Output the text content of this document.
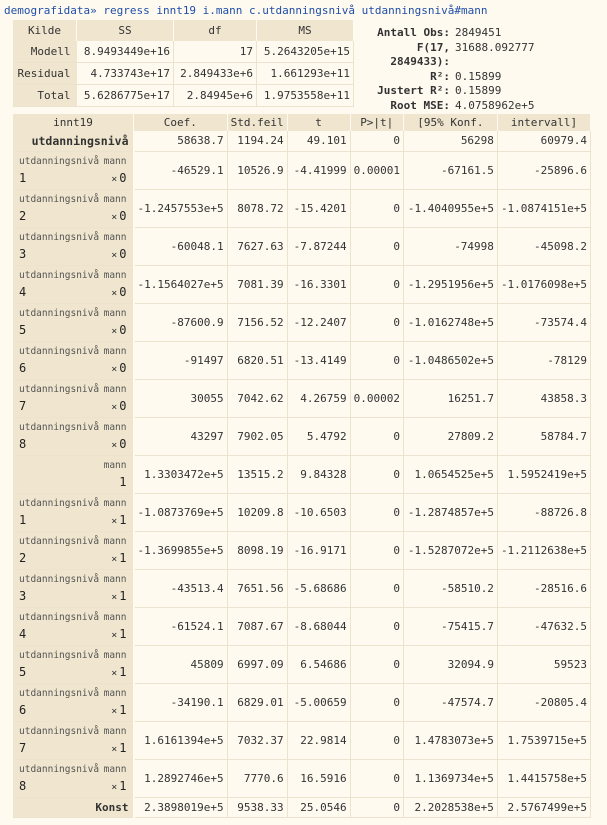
demografidata» regress innt19 i.mann c.utdanningsnivå utdanningsnivå#mann
Kilde	SS	df	MS
Modell	8.9493449e+16	17	5.2643205e+15
Residual	4.733743e+17	2.849433e+6	1.661293e+11
Total	5.6286775e+17	2.84945e+6	1.9753558e+11
Antall Obs: 2849451
F(17, 2849433):
31688.092777
R²: 0.15899
Justert R²: 0.15899
Root MSE: 4.0758962e+5
innt19	Coef.	Std.feil	t	P>|t|	[95% Konf.	intervall]
utdanningsnivå	58638.7	1194.24	49.101	0	56298	60979.4

utdanningsnivå mann
1 × 0	-46529.1	10526.9	-4.41999	0.00001	-67161.5	-25896.6

utdanningsnivå mann
2 × 0	-1.2457553e+5	8078.72	-15.4201	0	-1.4040955e+5	-1.0874151e+5

utdanningsnivå mann
3 × 0	-60048.1	7627.63	-7.87244	0	-74998	-45098.2

utdanningsnivå mann
4 × 0	-1.1564027e+5	7081.39	-16.3301	0	-1.2951956e+5	-1.0176098e+5

utdanningsnivå mann
5 × 0	-87600.9	7156.52	-12.2407	0	-1.0162748e+5	-73574.4

utdanningsnivå mann
6 × 0	-91497	6820.51	-13.4149	0	-1.0486502e+5	-78129

utdanningsnivå mann
7 × 0	30055	7042.62	4.26759	0.00002	16251.7	43858.3

utdanningsnivå mann
8 × 0	43297	7902.05	5.4792	0	27809.2	58784.7

mann
1	1.3303472e+5	13515.2	9.84328	0	1.0654525e+5	1.5952419e+5

utdanningsnivå mann
1 × 1	-1.0873769e+5	10209.8	-10.6503	0	-1.2874857e+5	-88726.8

utdanningsnivå mann
2 × 1	-1.3699855e+5	8098.19	-16.9171	0	-1.5287072e+5	-1.2112638e+5

utdanningsnivå mann
3 × 1	-43513.4	7651.56	-5.68686	0	-58510.2	-28516.6

utdanningsnivå mann
4 × 1	-61524.1	7087.67	-8.68044	0	-75415.7	-47632.5

utdanningsnivå mann
5 × 1	45809	6997.09	6.54686	0	32094.9	59523

utdanningsnivå mann
6 × 1	-34190.1	6829.01	-5.00659	0	-47574.7	-20805.4

utdanningsnivå mann
7 × 1	1.6161394e+5	7032.37	22.9814	0	1.4783073e+5	1.7539715e+5

utdanningsnivå mann
8 × 1	1.2892746e+5	7770.6	16.5916	0	1.1369734e+5	1.4415758e+5
Konst	2.3898019e+5	9538.33	25.0546	0	2.2028538e+5	2.5767499e+5
